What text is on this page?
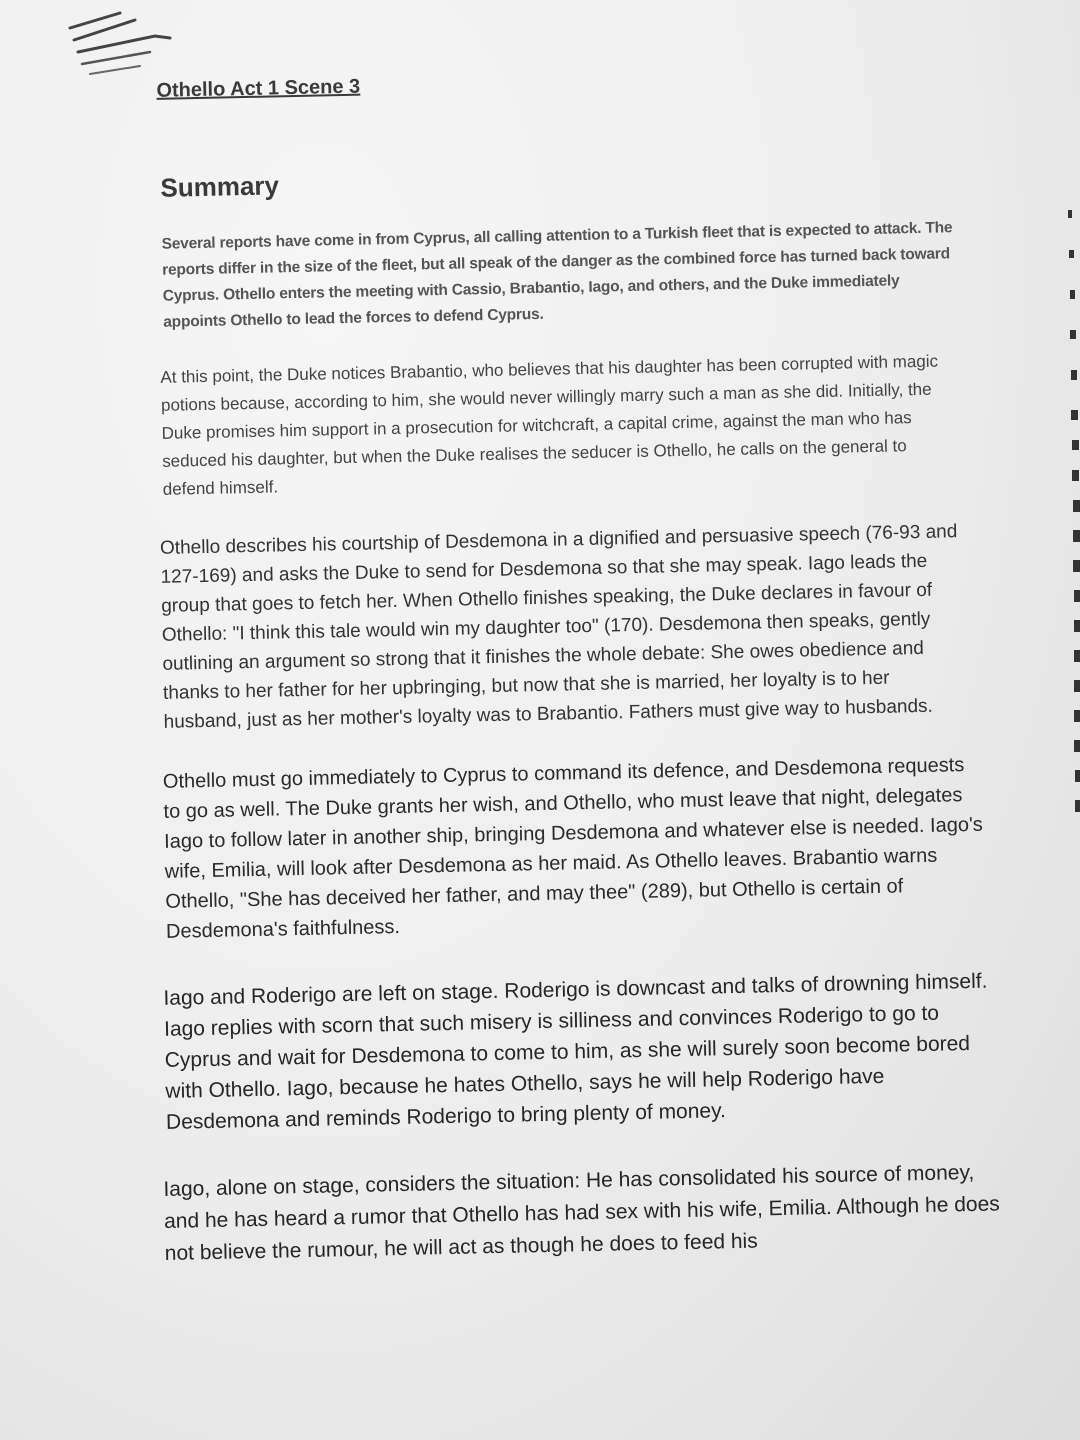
Othello Act 1 Scene 3
Summary

Several reports have come in from Cyprus, all calling attention to a Turkish fleet that is expected to attack. The reports differ in the size of the fleet, but all speak of the danger as the combined force has turned back toward Cyprus. Othello enters the meeting with Cassio, Brabantio, Iago, and others, and the Duke immediately appoints Othello to lead the forces to defend Cyprus.

At this point, the Duke notices Brabantio, who believes that his daughter has been corrupted with magic potions because, according to him, she would never willingly marry such a man as she did. Initially, the Duke promises him support in a prosecution for witchcraft, a capital crime, against the man who has seduced his daughter, but when the Duke realises the seducer is Othello, he calls on the general to defend himself.

Othello describes his courtship of Desdemona in a dignified and persuasive speech (76-93 and 127-169) and asks the Duke to send for Desdemona so that she may speak. Iago leads the group that goes to fetch her. When Othello finishes speaking, the Duke declares in favour of Othello: "I think this tale would win my daughter too" (170). Desdemona then speaks, gently outlining an argument so strong that it finishes the whole debate: She owes obedience and thanks to her father for her upbringing, but now that she is married, her loyalty is to her husband, just as her mother's loyalty was to Brabantio. Fathers must give way to husbands.

Othello must go immediately to Cyprus to command its defence, and Desdemona requests to go as well. The Duke grants her wish, and Othello, who must leave that night, delegates Iago to follow later in another ship, bringing Desdemona and whatever else is needed. Iago's wife, Emilia, will look after Desdemona as her maid. As Othello leaves. Brabantio warns Othello, "She has deceived her father, and may thee" (289), but Othello is certain of Desdemona's faithfulness.

Iago and Roderigo are left on stage. Roderigo is downcast and talks of drowning himself. Iago replies with scorn that such misery is silliness and convinces Roderigo to go to Cyprus and wait for Desdemona to come to him, as she will surely soon become bored with Othello. Iago, because he hates Othello, says he will help Roderigo have Desdemona and reminds Roderigo to bring plenty of money.

Iago, alone on stage, considers the situation: He has consolidated his source of money, and he has heard a rumor that Othello has had sex with his wife, Emilia. Although he does not believe the rumour, he will act as though he does to feed his
